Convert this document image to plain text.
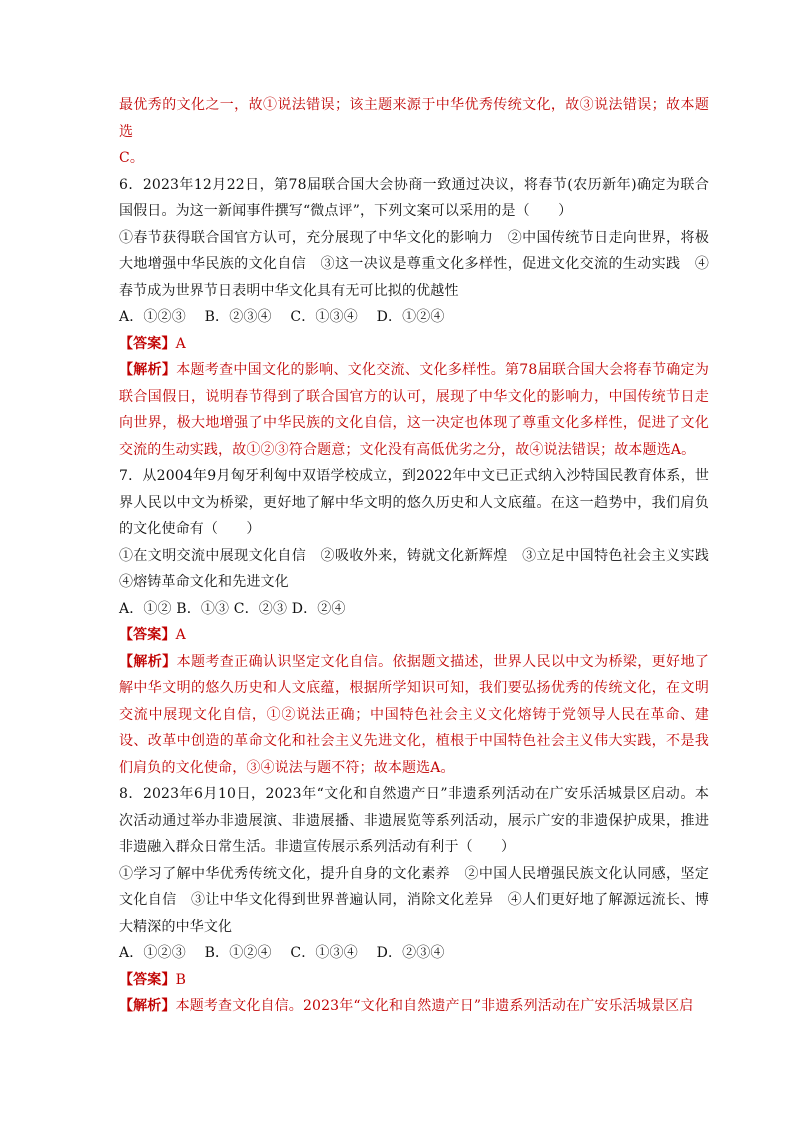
最优秀的文化之一，故①说法错误；该主题来源于中华优秀传统文化，故③说法错误；故本题选
C。

6．2023年12月22日，第78届联合国大会协商一致通过决议，将春节(农历新年)确定为联合国假日。为这一新闻事件撰写“微点评”，下列文案可以采用的是（　　）

①春节获得联合国官方认可，充分展现了中华文化的影响力　②中国传统节日走向世界，将极大地增强中华民族的文化自信　③这一决议是尊重文化多样性，促进文化交流的生动实践　④春节成为世界节日表明中华文化具有无可比拟的优越性

A．①②③　 B．②③④　 C．①③④　 D．①②④

【答案】A

【解析】本题考查中国文化的影响、文化交流、文化多样性。第78届联合国大会将春节确定为联合国假日，说明春节得到了联合国官方的认可，展现了中华文化的影响力，中国传统节日走向世界，极大地增强了中华民族的文化自信，这一决定也体现了尊重文化多样性，促进了文化交流的生动实践，故①②③符合题意；文化没有高低优劣之分，故④说法错误；故本题选A。

7．从2004年9月匈牙利匈中双语学校成立，到2022年中文已正式纳入沙特国民教育体系，世界人民以中文为桥梁，更好地了解中华文明的悠久历史和人文底蕴。在这一趋势中，我们肩负的文化使命有（　　）

①在文明交流中展现文化自信　②吸收外来，铸就文化新辉煌　③立足中国特色社会主义实践　④熔铸革命文化和先进文化

A．①② B．①③ C．②③ D．②④

【答案】A

【解析】本题考查正确认识坚定文化自信。依据题文描述，世界人民以中文为桥梁，更好地了解中华文明的悠久历史和人文底蕴，根据所学知识可知，我们要弘扬优秀的传统文化，在文明交流中展现文化自信，①②说法正确；中国特色社会主义文化熔铸于党领导人民在革命、建设、改革中创造的革命文化和社会主义先进文化，植根于中国特色社会主义伟大实践，不是我们肩负的文化使命，③④说法与题不符；故本题选A。

8．2023年6月10日，2023年“文化和自然遗产日”非遗系列活动在广安乐活城景区启动。本次活动通过举办非遗展演、非遗展播、非遗展览等系列活动，展示广安的非遗保护成果，推进非遗融入群众日常生活。非遗宣传展示系列活动有利于（　　）

①学习了解中华优秀传统文化，提升自身的文化素养　②中国人民增强民族文化认同感，坚定文化自信　③让中华文化得到世界普遍认同，消除文化差异　④人们更好地了解源远流长、博大精深的中华文化

A．①②③　 B．①②④　 C．①③④　 D．②③④

【答案】B

【解析】本题考查文化自信。2023年“文化和自然遗产日”非遗系列活动在广安乐活城景区启
